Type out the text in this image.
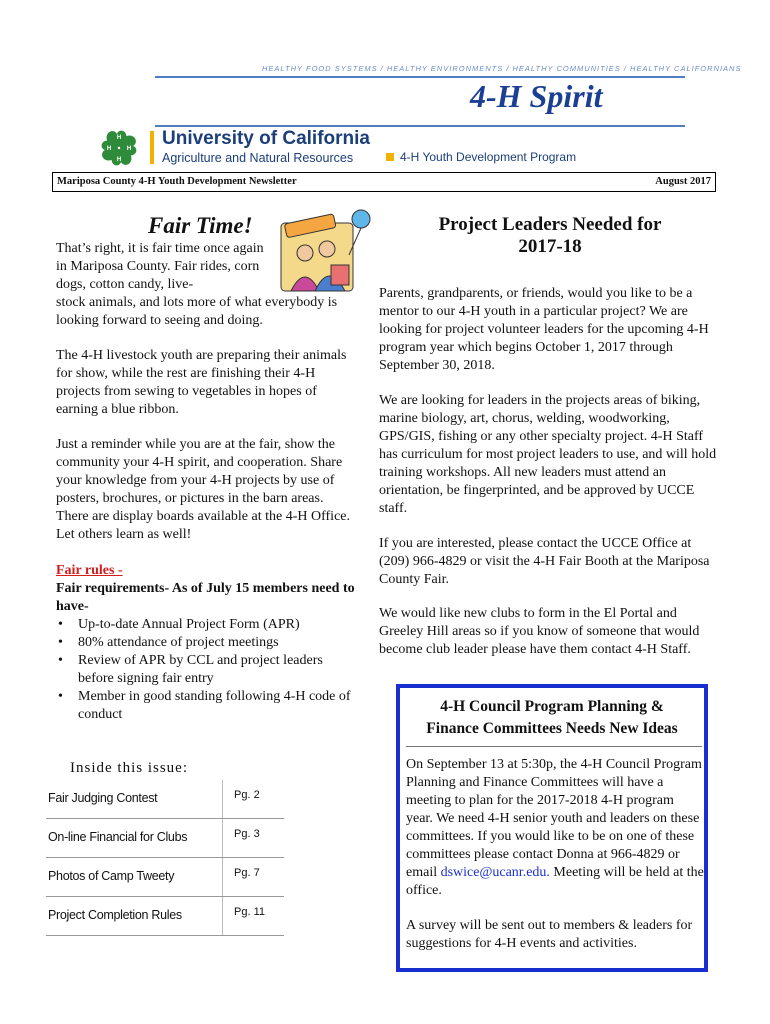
HEALTHY FOOD SYSTEMS / HEALTHY ENVIRONMENTS / HEALTHY COMMUNITIES / HEALTHY CALIFORNIANS
4-H Spirit
H
H
H
H	University of California
Agriculture and Natural Resources	4-H Youth Development Program
Mariposa County 4-H Youth Development Newsletter	August 2017
Fair Time!
That’s right, it is fair time once again in Mariposa County. Fair rides, corn dogs, cotton candy, live-
stock animals, and lots more of what everybody is looking forward to seeing and doing.
The 4-H livestock youth are preparing their animals for show, while the rest are finishing their 4-H projects from sewing to vegetables in hopes of earning a blue ribbon.
Just a reminder while you are at the fair, show the community your 4-H spirit, and cooperation. Share your knowledge from your 4-H projects by use of posters, brochures, or pictures in the barn areas. There are display boards available at the 4-H Office. Let others learn as well!
Fair rules -
Fair requirements- As of July 15 members need to have-
• Up-to-date Annual Project Form (APR)
• 80% attendance of project meetings
• Review of APR by CCL and project leaders before signing fair entry
• Member in good standing following 4-H code of conduct
Inside this issue:
Fair Judging Contest	Pg. 2
On-line Financial for Clubs	Pg. 3
Photos of Camp Tweety	Pg. 7
Project Completion Rules	Pg. 11
Project Leaders Needed for
2017-18
Parents, grandparents, or friends, would you like to be a mentor to our 4-H youth in a particular project? We are looking for project volunteer leaders for the upcoming 4-H program year which begins October 1, 2017 through September 30, 2018.
We are looking for leaders in the projects areas of biking, marine biology, art, chorus, welding, woodworking, GPS/GIS, fishing or any other specialty project. 4-H Staff has curriculum for most project leaders to use, and will hold training workshops. All new leaders must attend an orientation, be fingerprinted, and be approved by UCCE staff.
If you are interested, please contact the UCCE Office at (209) 966-4829 or visit the 4-H Fair Booth at the Mariposa County Fair.
We would like new clubs to form in the El Portal and Greeley Hill areas so if you know of someone that would become club leader please have them contact 4-H Staff.
4-H Council Program Planning &
Finance Committees Needs New Ideas
On September 13 at 5:30p, the 4-H Council Program Planning and Finance Committees will have a meeting to plan for the 2017-2018 4-H program year. We need 4-H senior youth and leaders on these committees. If you would like to be on one of these committees please contact Donna at 966-4829 or email dswice@ucanr.edu. Meeting will be held at the office.
A survey will be sent out to members & leaders for suggestions for 4-H events and activities.
